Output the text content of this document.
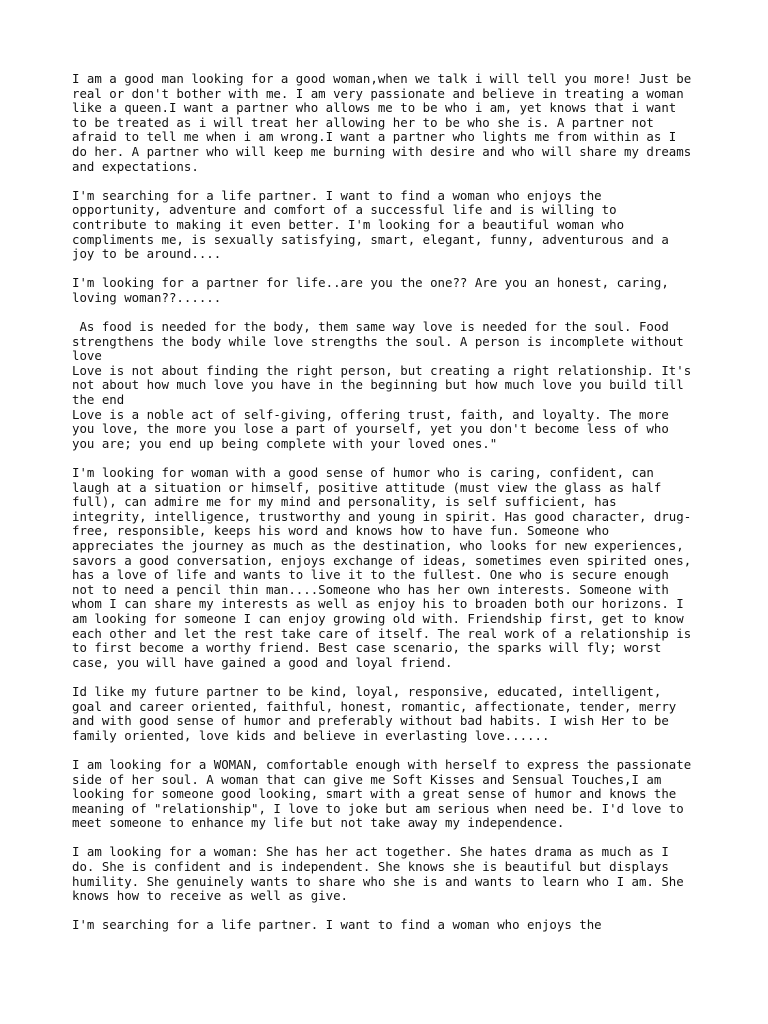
I am a good man looking for a good woman,when we talk i will tell you more! Just be
real or don't bother with me. I am very passionate and believe in treating a woman
like a queen.I want a partner who allows me to be who i am, yet knows that i want
to be treated as i will treat her allowing her to be who she is. A partner not
afraid to tell me when i am wrong.I want a partner who lights me from within as I
do her. A partner who will keep me burning with desire and who will share my dreams
and expectations.
I'm searching for a life partner. I want to find a woman who enjoys the
opportunity, adventure and comfort of a successful life and is willing to
contribute to making it even better. I'm looking for a beautiful woman who
compliments me, is sexually satisfying, smart, elegant, funny, adventurous and a
joy to be around....
I'm looking for a partner for life..are you the one?? Are you an honest, caring,
loving woman??......
As food is needed for the body, them same way love is needed for the soul. Food
strengthens the body while love strengths the soul. A person is incomplete without
love
Love is not about finding the right person, but creating a right relationship. It's
not about how much love you have in the beginning but how much love you build till
the end
Love is a noble act of self-giving, offering trust, faith, and loyalty. The more
you love, the more you lose a part of yourself, yet you don't become less of who
you are; you end up being complete with your loved ones."
I'm looking for woman with a good sense of humor who is caring, confident, can
laugh at a situation or himself, positive attitude (must view the glass as half
full), can admire me for my mind and personality, is self sufficient, has
integrity, intelligence, trustworthy and young in spirit. Has good character, drug-
free, responsible, keeps his word and knows how to have fun. Someone who
appreciates the journey as much as the destination, who looks for new experiences,
savors a good conversation, enjoys exchange of ideas, sometimes even spirited ones,
has a love of life and wants to live it to the fullest. One who is secure enough
not to need a pencil thin man....Someone who has her own interests. Someone with
whom I can share my interests as well as enjoy his to broaden both our horizons. I
am looking for someone I can enjoy growing old with. Friendship first, get to know
each other and let the rest take care of itself. The real work of a relationship is
to first become a worthy friend. Best case scenario, the sparks will fly; worst
case, you will have gained a good and loyal friend.
Id like my future partner to be kind, loyal, responsive, educated, intelligent,
goal and career oriented, faithful, honest, romantic, affectionate, tender, merry
and with good sense of humor and preferably without bad habits. I wish Her to be
family oriented, love kids and believe in everlasting love......
I am looking for a WOMAN, comfortable enough with herself to express the passionate
side of her soul. A woman that can give me Soft Kisses and Sensual Touches,I am
looking for someone good looking, smart with a great sense of humor and knows the
meaning of "relationship", I love to joke but am serious when need be. I'd love to
meet someone to enhance my life but not take away my independence.
I am looking for a woman: She has her act together. She hates drama as much as I
do. She is confident and is independent. She knows she is beautiful but displays
humility. She genuinely wants to share who she is and wants to learn who I am. She
knows how to receive as well as give.
I'm searching for a life partner. I want to find a woman who enjoys the
